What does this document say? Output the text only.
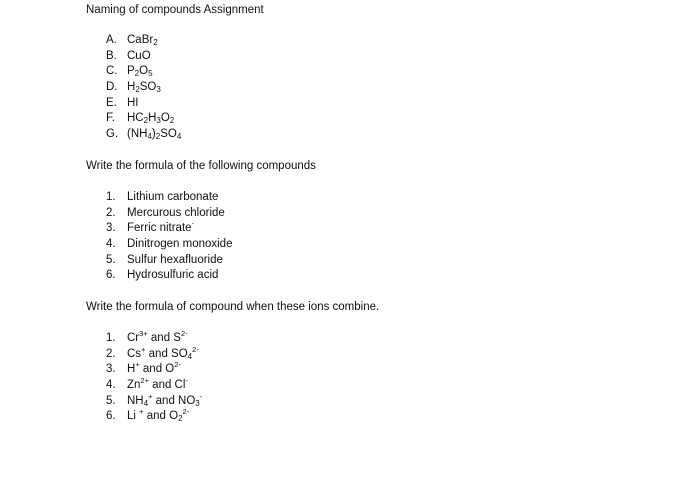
Naming of compounds Assignment
A. CaBr$_2$
B. CuO
C. $P_2O_5$
D. $H_2SO_3$
E. HI
F. $HC_2H_3O_2$
G. $(NH_4)_2SO_4$
Write the formula of the following compounds
1. Lithium carbonate
2. Mercurous chloride
3. Ferric nitrate-
4. Dinitrogen monoxide
5. Sulfur hexafluoride
6. Hydrosulfuric acid
Write the formula of compound when these ions combine.
1. $Cr^{3+}$ and $S^{2-}$
2. Cs+ and $SO_4^{2-}$
3. H+ and $O^{2-}$
4. $Zn^{2+}$ and Cl-
5. $NH_4^+$ and $NO_3^-$
6. Li + and $O_2^{2-}$
